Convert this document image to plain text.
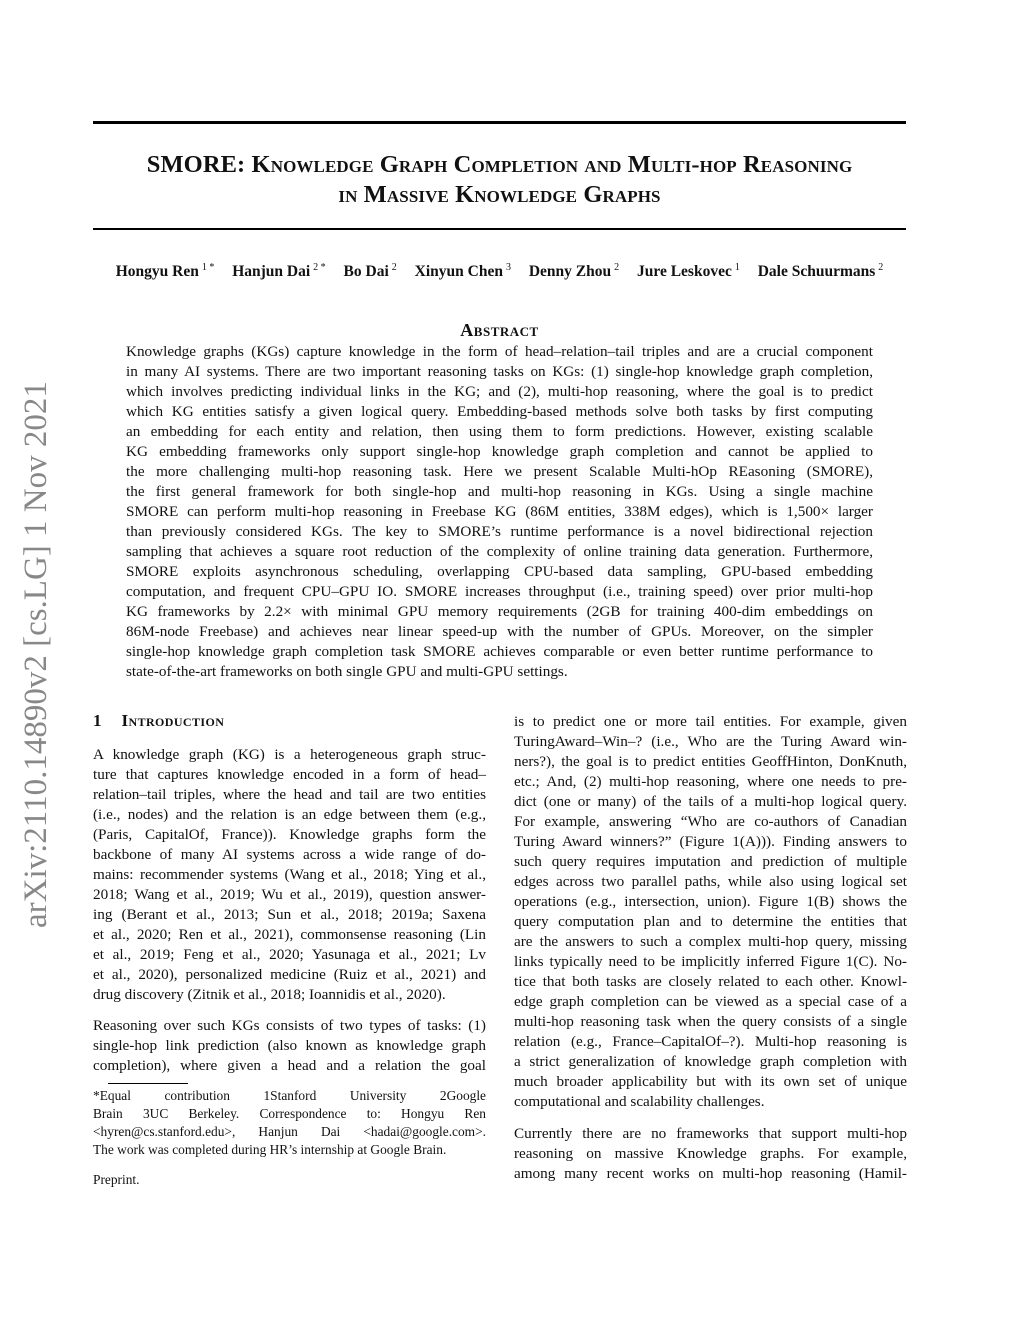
arXiv:2110.14890v2 [cs.LG] 1 Nov 2021
SMORE: Knowledge Graph Completion and Multi-hop Reasoning
in Massive Knowledge Graphs
Hongyu Ren $^{1 *}$ Hanjun Dai $^{2 *}$ Bo Dai $^2$ Xinyun Chen $^3$ Denny Zhou $^2$ Jure Leskovec $^1$ Dale Schuurmans $^2$
Abstract
Knowledge graphs (KGs) capture knowledge in the form of head–relation–tail triples and are a crucial component
in many AI systems. There are two important reasoning tasks on KGs: (1) single-hop knowledge graph completion,
which involves predicting individual links in the KG; and (2), multi-hop reasoning, where the goal is to predict
which KG entities satisfy a given logical query. Embedding-based methods solve both tasks by first computing
an embedding for each entity and relation, then using them to form predictions. However, existing scalable
KG embedding frameworks only support single-hop knowledge graph completion and cannot be applied to
the more challenging multi-hop reasoning task. Here we present Scalable Multi-hOp REasoning (SMORE),
the first general framework for both single-hop and multi-hop reasoning in KGs. Using a single machine
SMORE can perform multi-hop reasoning in Freebase KG (86M entities, 338M edges), which is 1,500× larger
than previously considered KGs. The key to SMORE’s runtime performance is a novel bidirectional rejection
sampling that achieves a square root reduction of the complexity of online training data generation. Furthermore,
SMORE exploits asynchronous scheduling, overlapping CPU-based data sampling, GPU-based embedding
computation, and frequent CPU–GPU IO. SMORE increases throughput (i.e., training speed) over prior multi-hop
KG frameworks by 2.2× with minimal GPU memory requirements (2GB for training 400-dim embeddings on
86M-node Freebase) and achieves near linear speed-up with the number of GPUs. Moreover, on the simpler
single-hop knowledge graph completion task SMORE achieves comparable or even better runtime performance to
state-of-the-art frameworks on both single GPU and multi-GPU settings.
1 Introduction
A knowledge graph (KG) is a heterogeneous graph struc-
ture that captures knowledge encoded in a form of head–
relation–tail triples, where the head and tail are two entities
(i.e., nodes) and the relation is an edge between them (e.g.,
(Paris, CapitalOf, France)). Knowledge graphs form the
backbone of many AI systems across a wide range of do-
mains: recommender systems (Wang et al., 2018; Ying et al.,
2018; Wang et al., 2019; Wu et al., 2019), question answer-
ing (Berant et al., 2013; Sun et al., 2018; 2019a; Saxena
et al., 2020; Ren et al., 2021), commonsense reasoning (Lin
et al., 2019; Feng et al., 2020; Yasunaga et al., 2021; Lv
et al., 2020), personalized medicine (Ruiz et al., 2021) and
drug discovery (Zitnik et al., 2018; Ioannidis et al., 2020).
Reasoning over such KGs consists of two types of tasks: (1)
single-hop link prediction (also known as knowledge graph
completion), where given a head and a relation the goal
*Equal contribution 1Stanford University 2Google
Brain 3UC Berkeley. Correspondence to: Hongyu Ren
<hyren@cs.stanford.edu>, Hanjun Dai <hadai@google.com>.
The work was completed during HR’s internship at Google Brain.
Preprint.
is to predict one or more tail entities. For example, given
TuringAward–Win–? (i.e., Who are the Turing Award win-
ners?), the goal is to predict entities GeoffHinton, DonKnuth,
etc.; And, (2) multi-hop reasoning, where one needs to pre-
dict (one or many) of the tails of a multi-hop logical query.
For example, answering “Who are co-authors of Canadian
Turing Award winners?” (Figure 1(A))). Finding answers to
such query requires imputation and prediction of multiple
edges across two parallel paths, while also using logical set
operations (e.g., intersection, union). Figure 1(B) shows the
query computation plan and to determine the entities that
are the answers to such a complex multi-hop query, missing
links typically need to be implicitly inferred Figure 1(C). No-
tice that both tasks are closely related to each other. Knowl-
edge graph completion can be viewed as a special case of a
multi-hop reasoning task when the query consists of a single
relation (e.g., France–CapitalOf–?). Multi-hop reasoning is
a strict generalization of knowledge graph completion with
much broader applicability but with its own set of unique
computational and scalability challenges.
Currently there are no frameworks that support multi-hop
reasoning on massive Knowledge graphs. For example,
among many recent works on multi-hop reasoning (Hamil-
